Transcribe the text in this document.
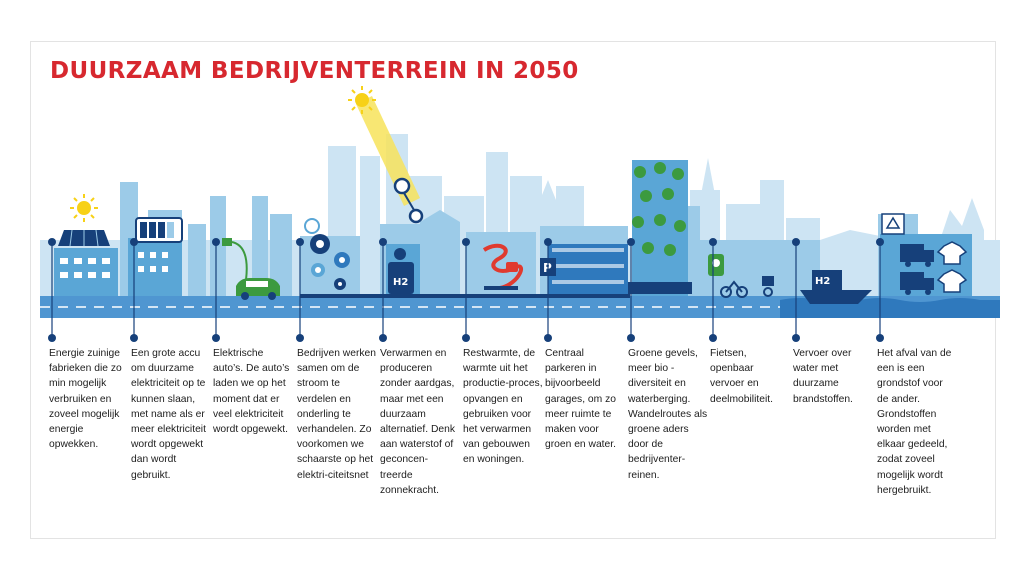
DUURZAAM BEDRIJVENTERREIN IN 2050
H2
P
H2
Energie zuinige fabrieken die zo min mogelijk verbruiken en zoveel mogelijk energie opwekken.
Een grote accu om duurzame elektriciteit op te kunnen slaan, met name als er meer elektriciteit wordt opgewekt dan wordt gebruikt.
Elektrische auto’s. De auto’s laden we op het moment dat er veel elektriciteit wordt opgewekt.
Bedrijven werken samen om de stroom te verdelen en onderling te verhandelen. Zo voorkomen we schaarste op het elektri-citeitsnet
Verwarmen en produceren zonder aardgas, maar met een duurzaam alternatief. Denk aan waterstof of geconcen-treerde zonnekracht.
Restwarmte, de warmte uit het productie-proces, opvangen en gebruiken voor het verwarmen van gebouwen en woningen.
Centraal parkeren in bijvoorbeeld garages, om zo meer ruimte te maken voor groen en water.
Groene gevels, meer bio - diversiteit en waterberging. Wandelroutes als groene aders door de bedrijventer-reinen.
Fietsen, openbaar vervoer en deelmobiliteit.
Vervoer over water met duurzame brandstoffen.
Het afval van de een is een grondstof voor de ander. Grondstoffen worden met elkaar gedeeld, zodat zoveel mogelijk wordt hergebruikt.
